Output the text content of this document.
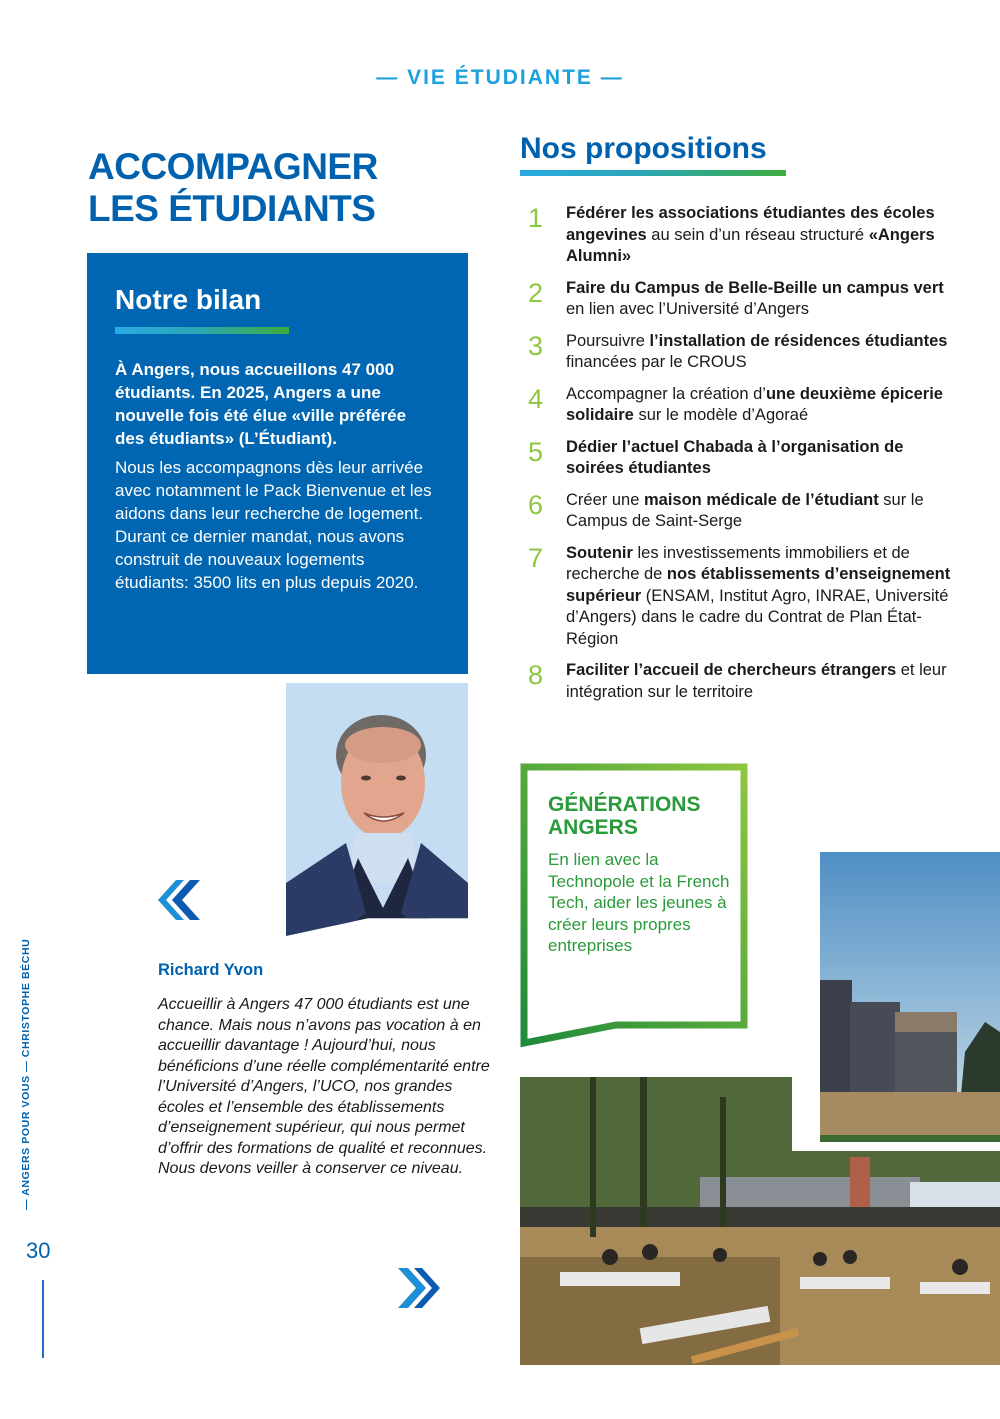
— VIE ÉTUDIANTE —
ACCOMPAGNER
LES ÉTUDIANTS
Notre bilan
À Angers, nous accueillons 47 000 étudiants. En 2025, Angers a une nouvelle fois été élue «ville préférée des étudiants» (L’Étudiant).
Nous les accompagnons dès leur arrivée avec notamment le Pack Bienvenue et les aidons dans leur recherche de logement. Durant ce dernier mandat, nous avons construit de nouveaux logements étudiants: 3500 lits en plus depuis 2020.
Nos propositions
1	Fédérer les associations étudiantes des écoles angevines au sein d’un réseau structuré «Angers Alumni»
2	Faire du Campus de Belle-Beille un campus vert en lien avec l’Université d’Angers
3	Poursuivre l’installation de résidences étudiantes financées par le CROUS
4	Accompagner la création d’une deuxième épicerie solidaire sur le modèle d’Agoraé
5	Dédier l’actuel Chabada à l’organisation de soirées étudiantes
6	Créer une maison médicale de l’étudiant sur le Campus de Saint-Serge
7	Soutenir les investissements immobiliers et de recherche de nos établissements d’enseignement supérieur (ENSAM, Institut Agro, INRAE, Université d’Angers) dans le cadre du Contrat de Plan État-Région
8	Faciliter l’accueil de chercheurs étrangers et leur intégration sur le territoire
Richard Yvon
Accueillir à Angers 47 000 étudiants est une chance. Mais nous n’avons pas vocation à en accueillir davantage ! Aujourd’hui, nous bénéficions d’une réelle complémentarité entre l’Université d’Angers, l’UCO, nos grandes écoles et l’ensemble des établissements d’enseignement supérieur, qui nous permet d’offrir des formations de qualité et reconnues. Nous devons veiller à conserver ce niveau.
GÉNÉRATIONS
ANGERS
En lien avec la Technopole et la French Tech, aider les jeunes à créer leurs propres entreprises
— ANGERS POUR VOUS — CHRISTOPHE BÉCHU
30
